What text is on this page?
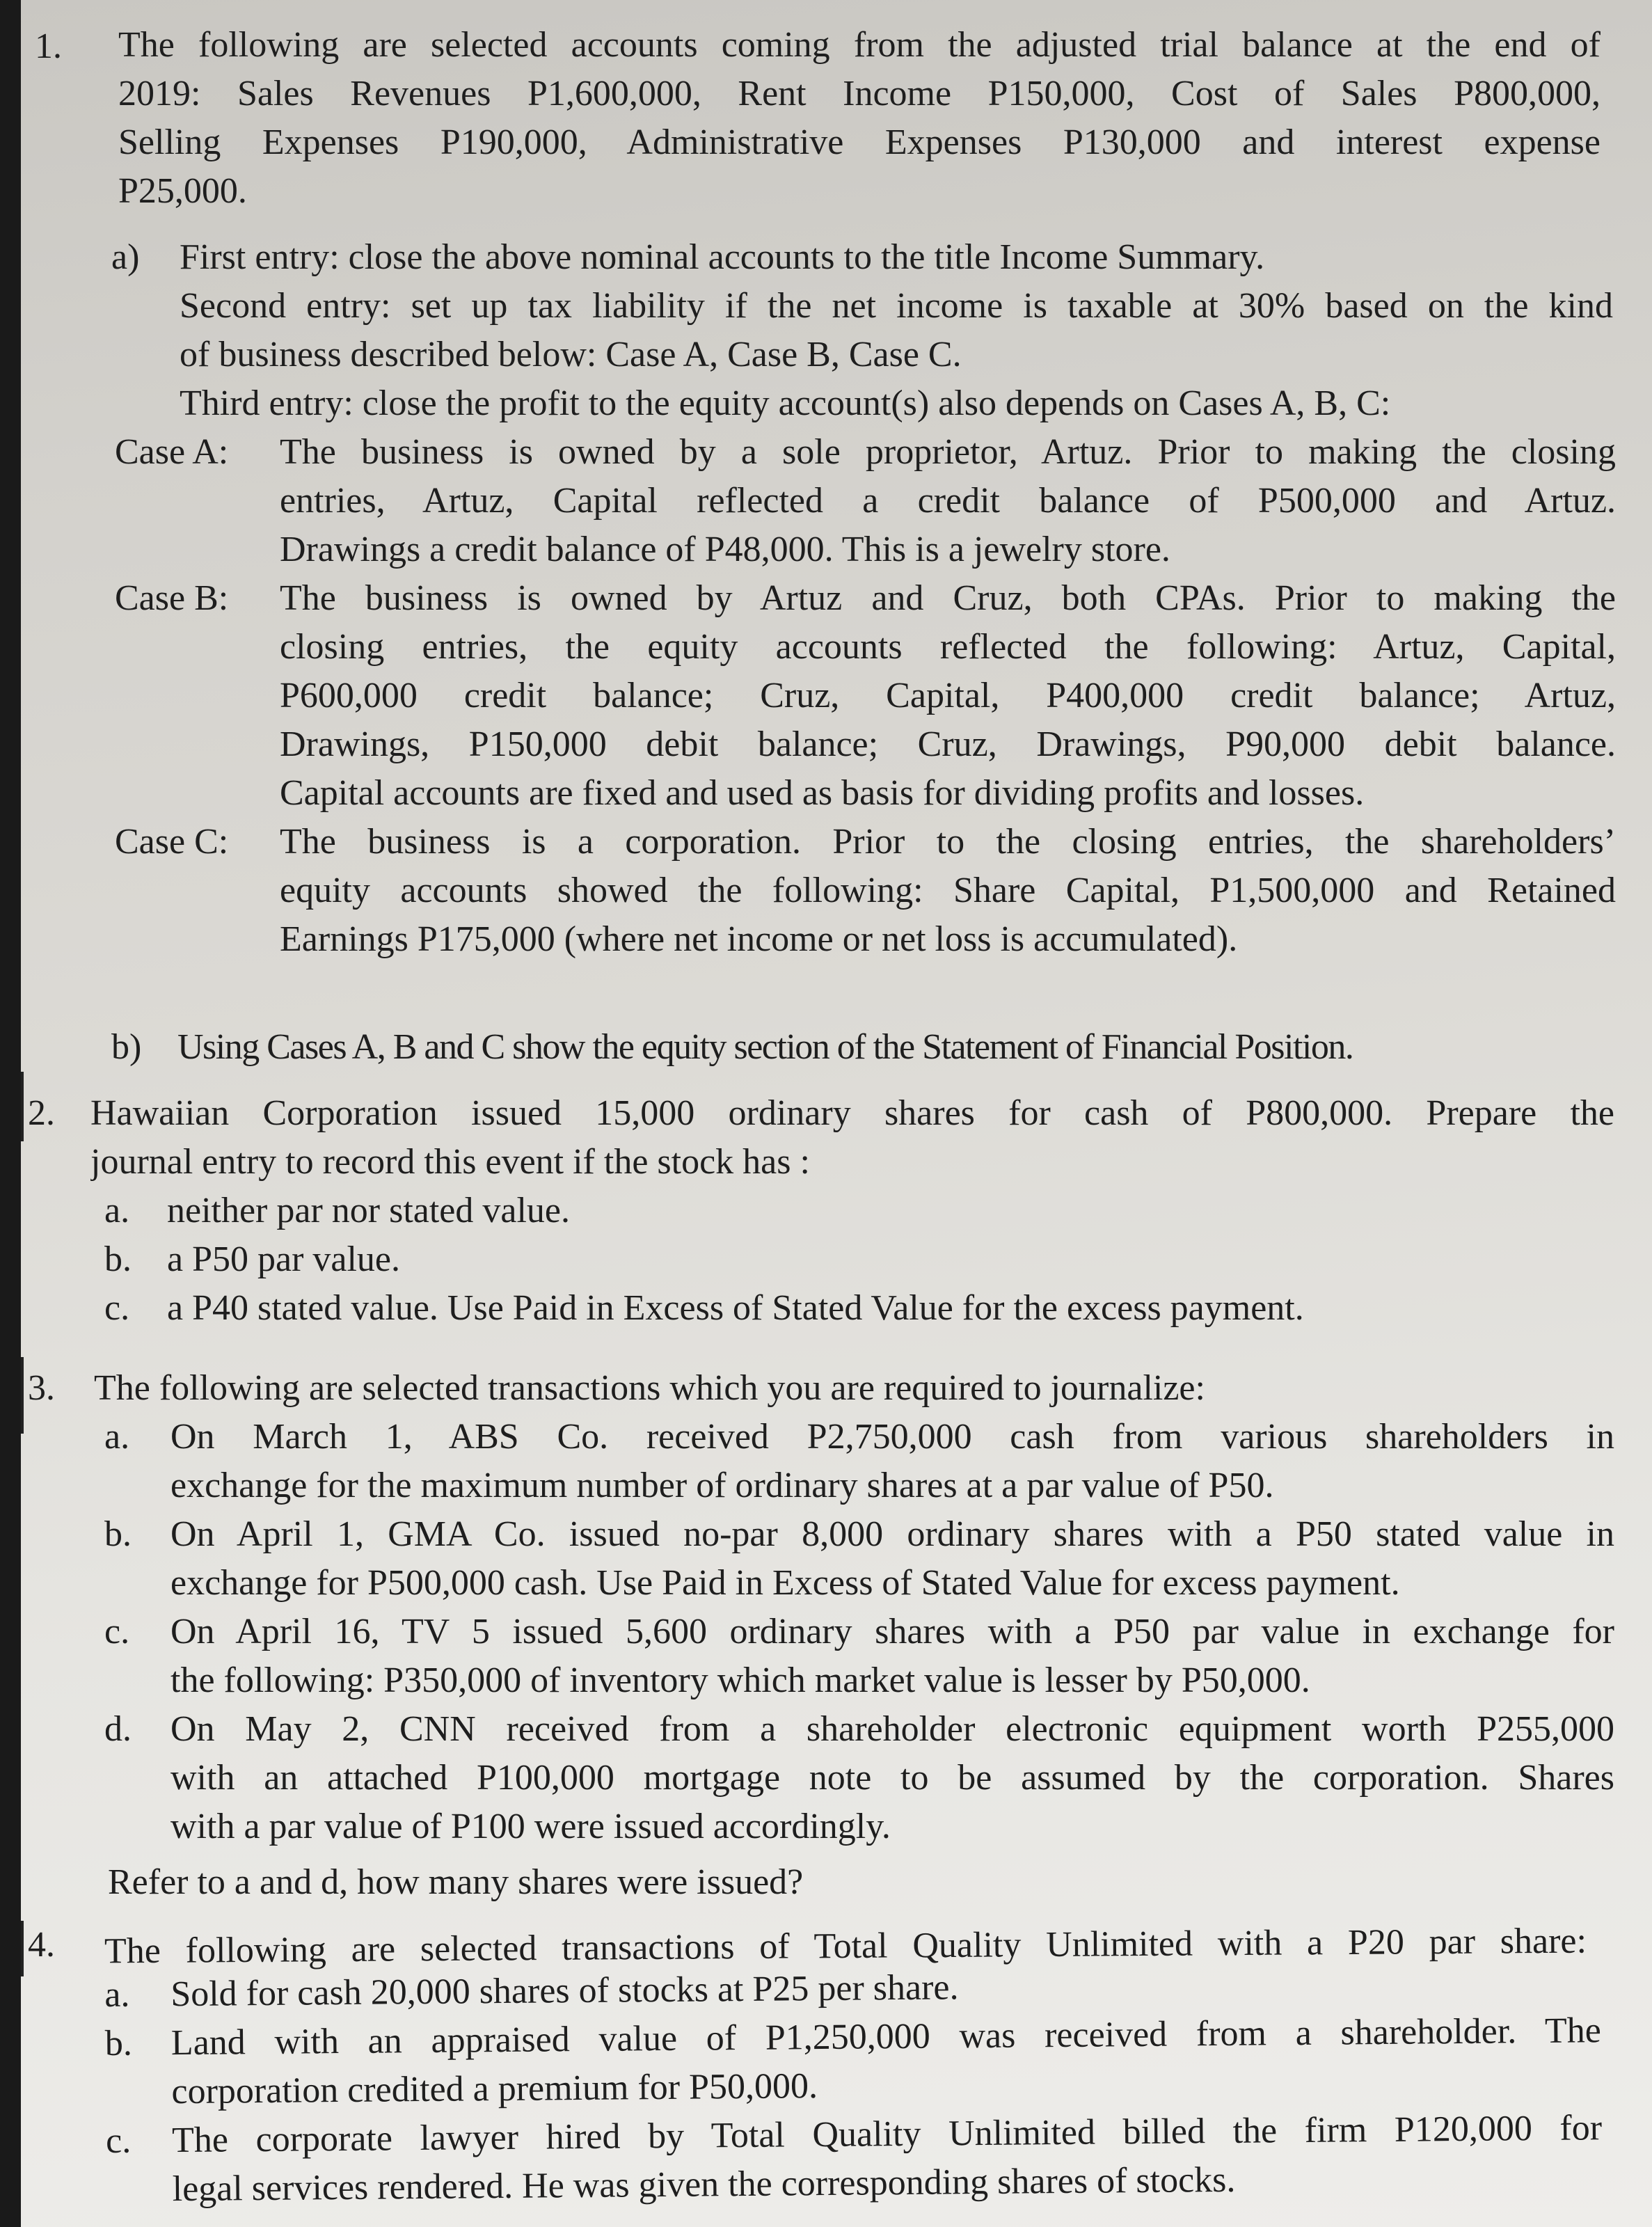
1. The following are selected accounts coming from the adjusted trial balance at the end of
2019: Sales Revenues P1,600,000, Rent Income P150,000, Cost of Sales P800,000,
Selling Expenses P190,000, Administrative Expenses P130,000 and interest expense
P25,000.
a) First entry: close the above nominal accounts to the title Income Summary.
Second entry: set up tax liability if the net income is taxable at 30% based on the kind
of business described below: Case A, Case B, Case C.
Third entry: close the profit to the equity account(s) also depends on Cases A, B, C:
Case A: The business is owned by a sole proprietor, Artuz. Prior to making the closing
entries, Artuz, Capital reflected a credit balance of P500,000 and Artuz.
Drawings a credit balance of P48,000. This is a jewelry store.
Case B: The business is owned by Artuz and Cruz, both CPAs. Prior to making the
closing entries, the equity accounts reflected the following: Artuz, Capital,
P600,000 credit balance; Cruz, Capital, P400,000 credit balance; Artuz,
Drawings, P150,000 debit balance; Cruz, Drawings, P90,000 debit balance.
Capital accounts are fixed and used as basis for dividing profits and losses.
Case C: The business is a corporation. Prior to the closing entries, the shareholders’
equity accounts showed the following: Share Capital, P1,500,000 and Retained
Earnings P175,000 (where net income or net loss is accumulated).
b) Using Cases A, B and C show the equity section of the Statement of Financial Position.
2. Hawaiian Corporation issued 15,000 ordinary shares for cash of P800,000. Prepare the
journal entry to record this event if the stock has :
a.	neither par nor stated value.
b. a P50 par value.
c.	a P40 stated value. Use Paid in Excess of Stated Value for the excess payment.
3. The following are selected transactions which you are required to journalize:
a.	On March 1, ABS Co. received P2,750,000 cash from various shareholders in
exchange for the maximum number of ordinary shares at a par value of P50.
b.	On April 1, GMA Co. issued no-par 8,000 ordinary shares with a P50 stated value in
exchange for P500,000 cash. Use Paid in Excess of Stated Value for excess payment.
c.	On April 16, TV 5 issued 5,600 ordinary shares with a P50 par value in exchange for
the following: P350,000 of inventory which market value is lesser by P50,000.
d.	On May 2, CNN received from a shareholder electronic equipment worth P255,000
with an attached P100,000 mortgage note to be assumed by the corporation. Shares
with a par value of P100 were issued accordingly.
Refer to a and d, how many shares were issued?
4. The following are selected transactions of Total Quality Unlimited with a P20 par share:
a.	Sold for cash 20,000 shares of stocks at P25 per share.
b.	Land with an appraised value of P1,250,000 was received from a shareholder. The
corporation credited a premium for P50,000.
c.	The corporate lawyer hired by Total Quality Unlimited billed the firm P120,000 for
legal services rendered. He was given the corresponding shares of stocks.
